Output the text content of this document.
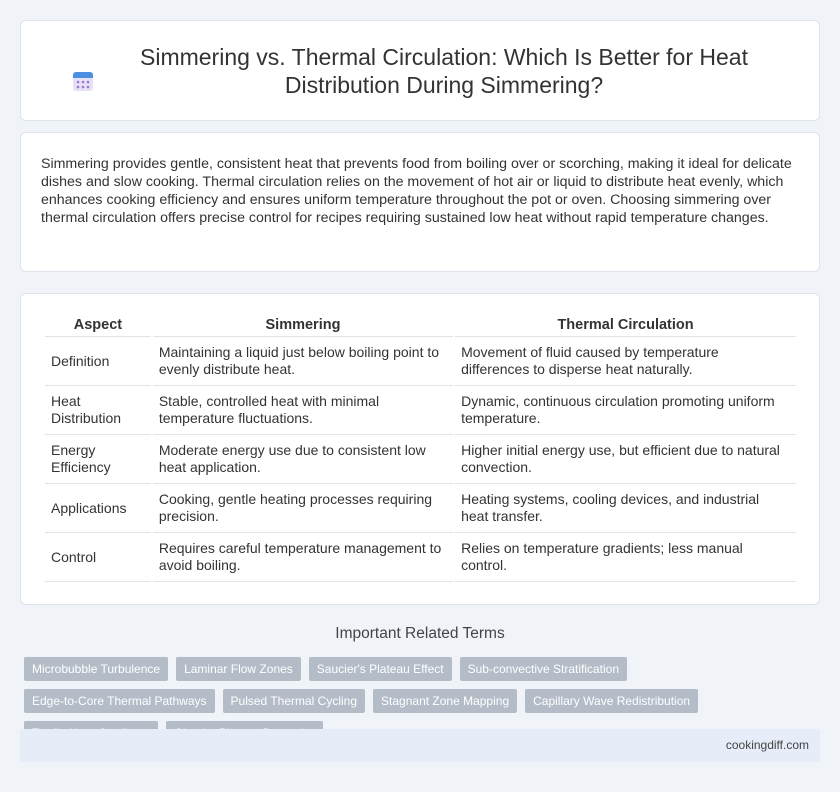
Simmering vs. Thermal Circulation: Which Is Better for Heat Distribution During Simmering?

Simmering provides gentle, consistent heat that prevents food from boiling over or scorching, making it ideal for delicate dishes and slow cooking. Thermal circulation relies on the movement of hot air or liquid to distribute heat evenly, which enhances cooking efficiency and ensures uniform temperature throughout the pot or oven. Choosing simmering over thermal circulation offers precise control for recipes requiring sustained low heat without rapid temperature changes.

Aspect	Simmering	Thermal Circulation
Definition	Maintaining a liquid just below boiling point to evenly distribute heat.	Movement of fluid caused by temperature differences to disperse heat naturally.
Heat Distribution	Stable, controlled heat with minimal temperature fluctuations.	Dynamic, continuous circulation promoting uniform temperature.
Energy Efficiency	Moderate energy use due to consistent low heat application.	Higher initial energy use, but efficient due to natural convection.
Applications	Cooking, gentle heating processes requiring precision.	Heating systems, cooling devices, and industrial heat transfer.
Control	Requires careful temperature management to avoid boiling.	Relies on temperature gradients; less manual control.
Important Related Terms
Microbubble Turbulence	Laminar Flow Zones	Saucier's Plateau Effect	Sub-convective Stratification
Edge-to-Core Thermal Pathways	Pulsed Thermal Cycling	Stagnant Zone Mapping	Capillary Wave Redistribution
cookingdiff.com
